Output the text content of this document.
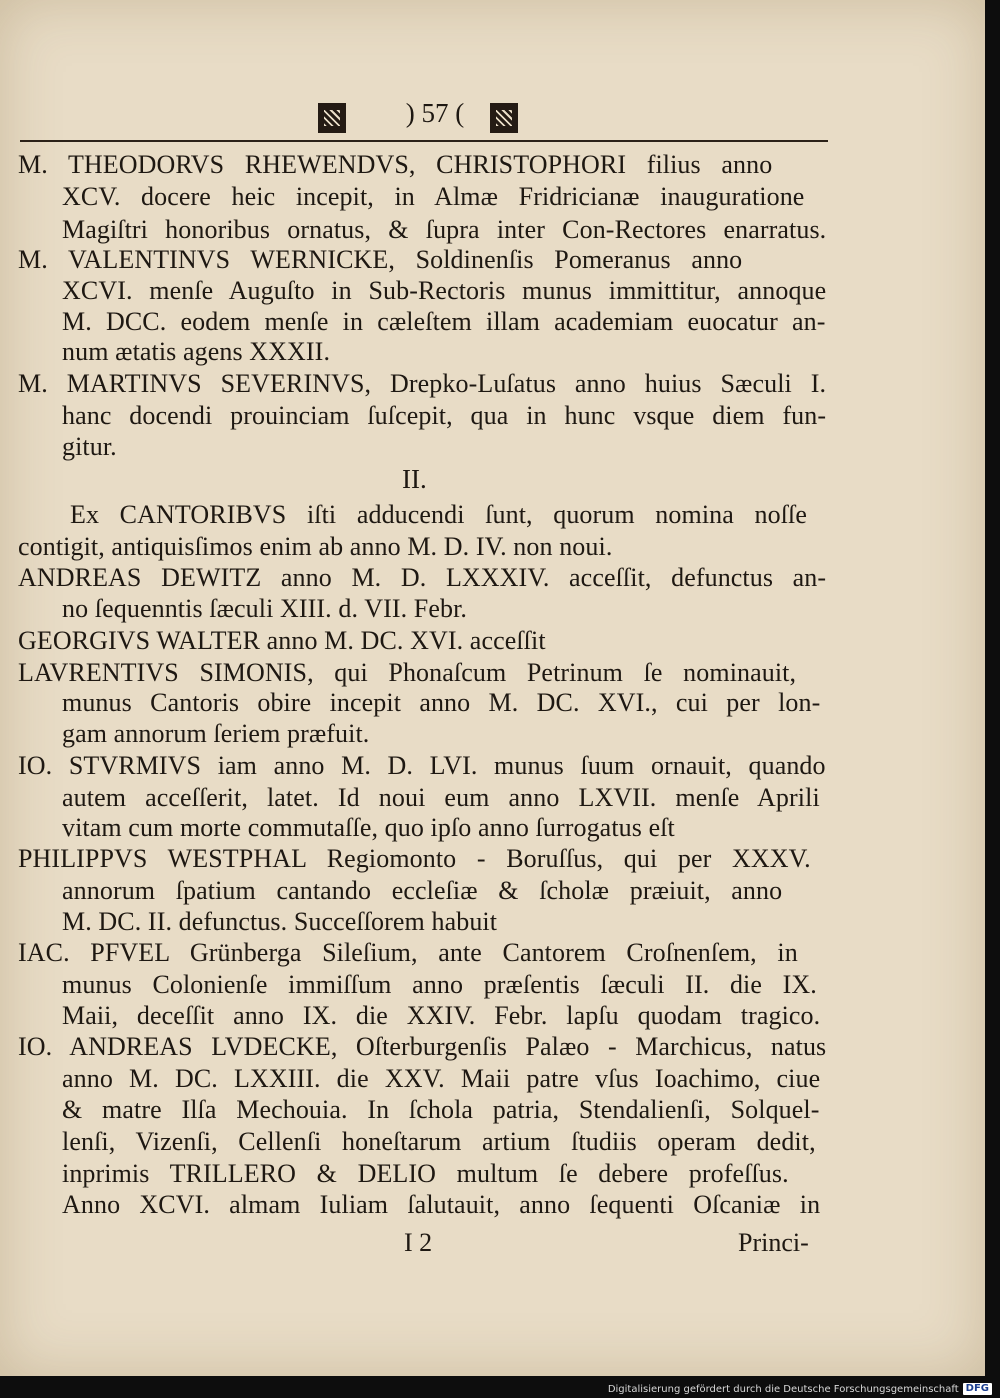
) 57 (
M. THEODORVS RHEWENDVS, CHRISTOPHORI filius anno
XCV. docere heic incepit, in Almæ Fridricianæ inauguratione
Magiſtri honoribus ornatus, & ſupra inter Con-Rectores enarratus.
M. VALENTINVS WERNICKE, Soldinenſis Pomeranus anno
XCVI. menſe Auguſto in Sub-Rectoris munus immittitur, annoque
M. DCC. eodem menſe in cæleſtem illam academiam euocatur an-
num ætatis agens XXXII.
M. MARTINVS SEVERINVS, Drepko-Luſatus anno huius Sæculi I.
hanc docendi prouinciam ſuſcepit, qua in hunc vsque diem fun-
gitur.
Ex CANTORIBVS iſti adducendi ſunt, quorum nomina noſſe
contigit, antiquisſimos enim ab anno M. D. IV. non noui.
ANDREAS DEWITZ anno M. D. LXXXIV. acceſſit, defunctus an-
no ſequenntis ſæculi XIII. d. VII. Febr.
GEORGIVS WALTER anno M. DC. XVI. acceſſit
LAVRENTIVS SIMONIS, qui Phonaſcum Petrinum ſe nominauit,
munus Cantoris obire incepit anno M. DC. XVI., cui per lon-
gam annorum ſeriem præfuit.
IO. STVRMIVS iam anno M. D. LVI. munus ſuum ornauit, quando
autem acceſſerit, latet. Id noui eum anno LXVII. menſe Aprili
vitam cum morte commutaſſe, quo ipſo anno ſurrogatus eſt
PHILIPPVS WESTPHAL Regiomonto - Boruſſus, qui per XXXV.
annorum ſpatium cantando eccleſiæ & ſcholæ præiuit, anno
M. DC. II. defunctus. Succeſſorem habuit
IAC. PFVEL Grünberga Sileſium, ante Cantorem Croſnenſem, in
munus Colonienſe immiſſum anno præſentis ſæculi II. die IX.
Maii, deceſſit anno IX. die XXIV. Febr. lapſu quodam tragico.
IO. ANDREAS LVDECKE, Oſterburgenſis Palæo - Marchicus, natus
anno M. DC. LXXIII. die XXV. Maii patre vſus Ioachimo, ciue
& matre Ilſa Mechouia. In ſchola patria, Stendalienſi, Solquel-
lenſi, Vizenſi, Cellenſi honeſtarum artium ſtudiis operam dedit,
inprimis TRILLERO & DELIO multum ſe debere profeſſus.
Anno XCVI. almam Iuliam ſalutauit, anno ſequenti Oſcaniæ in
II.
I 2	Princi-
Digitalisierung gefördert durch die Deutsche Forschungsgemeinschaft DFG
